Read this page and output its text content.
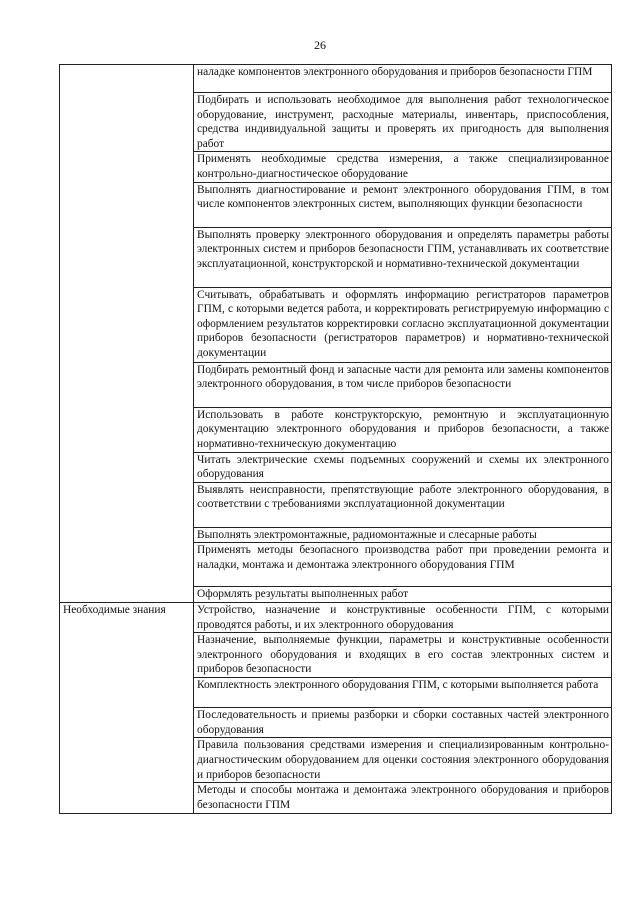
26

	наладке компонентов электронного оборудования и приборов безопасности ГПМ

	Подбирать и использовать необходимое для выполнения работ технологическое оборудование, инструмент, расходные материалы, инвентарь, приспособления, средства индивидуальной защиты и проверять их пригодность для выполнения работ

	Применять необходимые средства измерения, а также специализированное контрольно-диагностическое оборудование

	Выполнять диагностирование и ремонт электронного оборудования ГПМ, в том числе компонентов электронных систем, выполняющих функции безопасности

	Выполнять проверку электронного оборудования и определять параметры работы электронных систем и приборов безопасности ГПМ, устанавливать их соответствие эксплуатационной, конструкторской и нормативно-технической документации

	Считывать, обрабатывать и оформлять информацию регистраторов параметров ГПМ, с которыми ведется работа, и корректировать регистрируемую информацию с оформлением результатов корректировки согласно эксплуатационной документации приборов безопасности (регистраторов параметров) и нормативно-технической документации

	Подбирать ремонтный фонд и запасные части для ремонта или замены компонентов электронного оборудования, в том числе приборов безопасности

	Использовать в работе конструкторскую, ремонтную и эксплуатационную документацию электронного оборудования и приборов безопасности, а также нормативно-техническую документацию

	Читать электрические схемы подъемных сооружений и схемы их электронного оборудования

	Выявлять неисправности, препятствующие работе электронного оборудования, в соответствии с требованиями эксплуатационной документации

	Выполнять электромонтажные, радиомонтажные и слесарные работы

	Применять методы безопасного производства работ при проведении ремонта и наладки, монтажа и демонтажа электронного оборудования ГПМ

	Оформлять результаты выполненных работ

Необходимые знания	Устройство, назначение и конструктивные особенности ГПМ, с которыми проводятся работы, и их электронного оборудования

	Назначение, выполняемые функции, параметры и конструктивные особенности электронного оборудования и входящих в его состав электронных систем и приборов безопасности

	Комплектность электронного оборудования ГПМ, с которыми выполняется работа

	Последовательность и приемы разборки и сборки составных частей электронного оборудования

	Правила пользования средствами измерения и специализированным контрольно-диагностическим оборудованием для оценки состояния электронного оборудования и приборов безопасности

	Методы и способы монтажа и демонтажа электронного оборудования и приборов безопасности ГПМ
